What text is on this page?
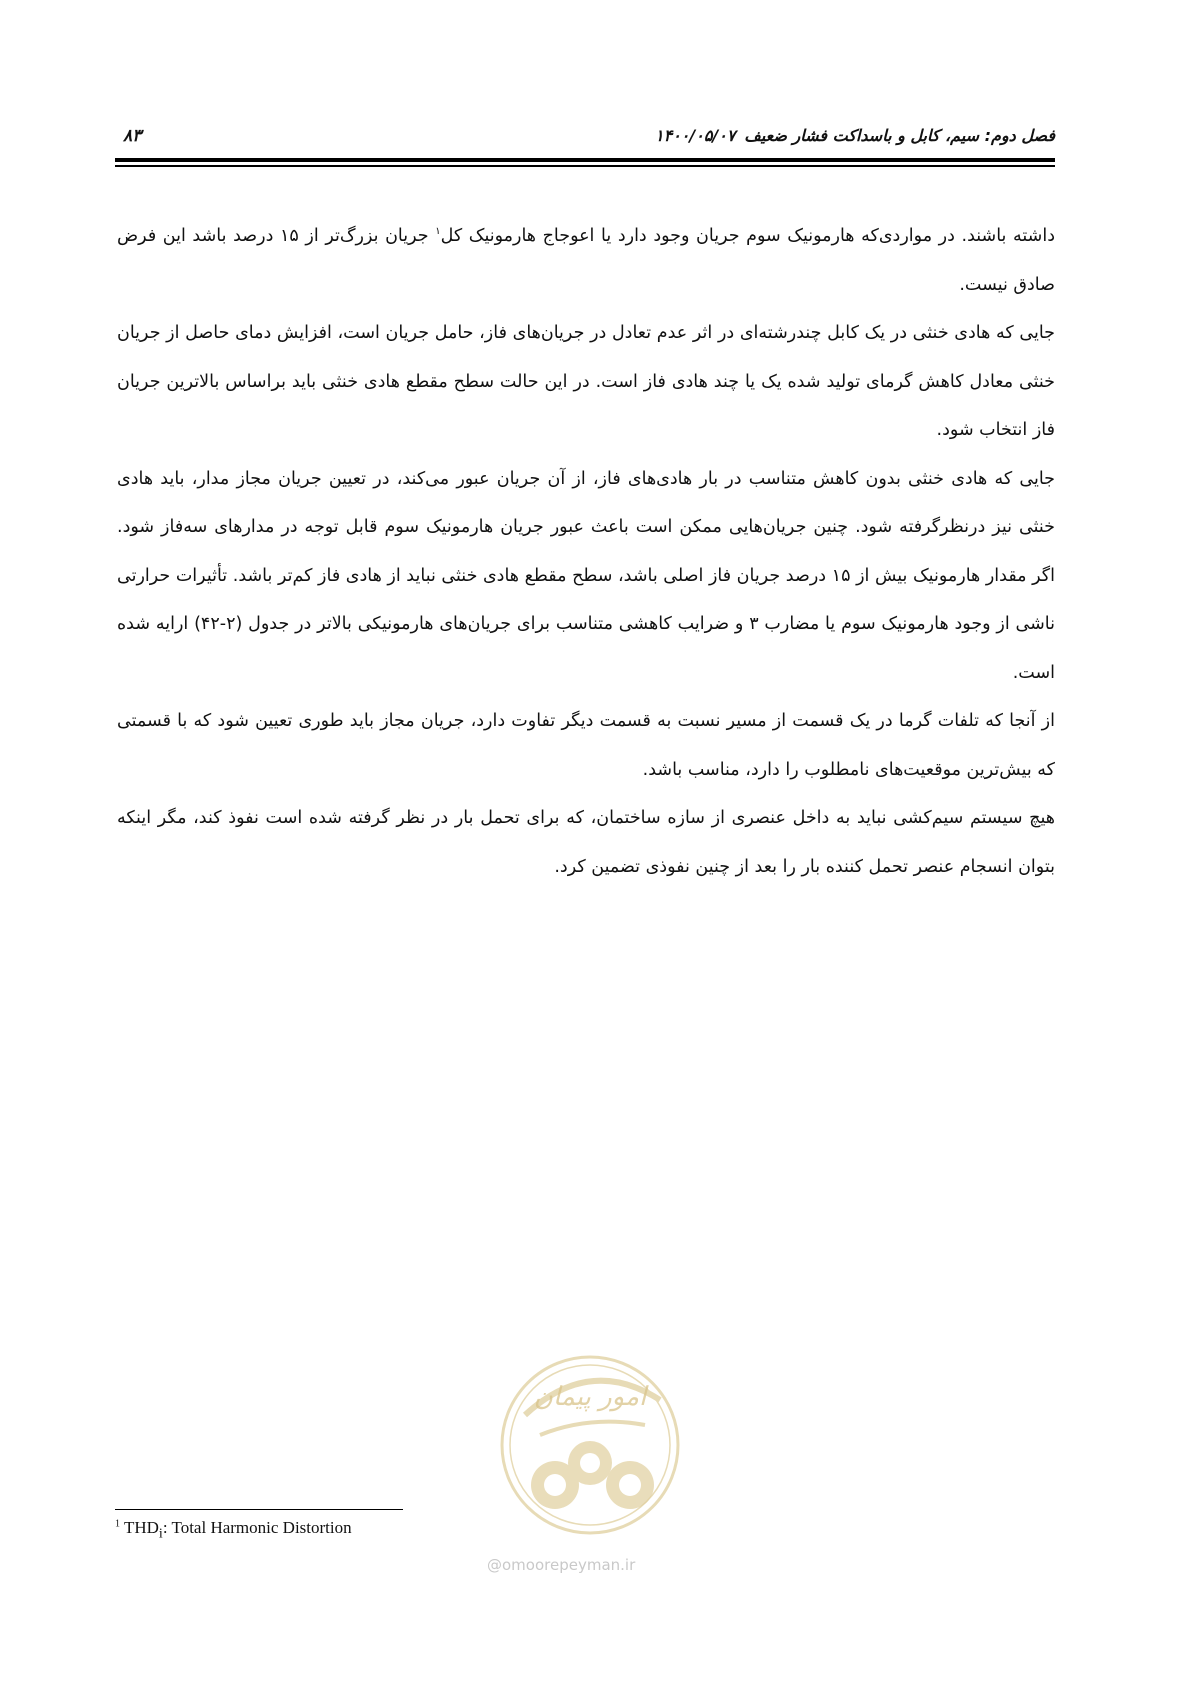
فصل دوم: سیم، کابل و باسداکت فشار ضعیف
۱۴۰۰/۰۵/۰۷
۸۳

داشته باشند. در مواردی‌که هارمونیک سوم جریان وجود دارد یا اعوجاج هارمونیک کل$^۱$ جریان بزرگ‌تر از ۱۵ درصد باشد این فرض صادق نیست.

جایی که هادی خنثی در یک کابل چندرشته‌ای در اثر عدم تعادل در جریان‌های فاز، حامل جریان است، افزایش دمای حاصل از جریان خنثی معادل کاهش گرمای تولید شده یک یا چند هادی فاز است. در این حالت سطح مقطع هادی خنثی باید براساس بالاترین جریان فاز انتخاب شود.

جایی که هادی خنثی بدون کاهش متناسب در بار هادی‌های فاز، از آن جریان عبور می‌کند، در تعیین جریان مجاز مدار، باید هادی خنثی نیز درنظرگرفته شود. چنین جریان‌هایی ممکن است باعث عبور جریان هارمونیک سوم قابل توجه در مدارهای سه‌فاز شود. اگر مقدار هارمونیک بیش از ۱۵ درصد جریان فاز اصلی باشد، سطح مقطع هادی خنثی نباید از هادی فاز کم‌تر باشد. تأثیرات حرارتی ناشی از وجود هارمونیک سوم یا مضارب ۳ و ضرایب کاهشی متناسب برای جریان‌های هارمونیکی بالاتر در جدول (۲-۴۲) ارایه شده است.

از آنجا که تلفات گرما در یک قسمت از مسیر نسبت به قسمت دیگر تفاوت دارد، جریان مجاز باید طوری تعیین شود که با قسمتی که بیش‌ترین موقعیت‌های نامطلوب را دارد، مناسب باشد.

هیچ سیستم سیم‌کشی نباید به داخل عنصری از سازه ساختمان، که برای تحمل بار در نظر گرفته شده است نفوذ کند، مگر اینکه بتوان انسجام عنصر تحمل کننده بار را بعد از چنین نفوذی تضمین کرد.

امور پیمان
@omoorepeyman.ir
$^1$ $THD_i$: Total Harmonic Distortion
